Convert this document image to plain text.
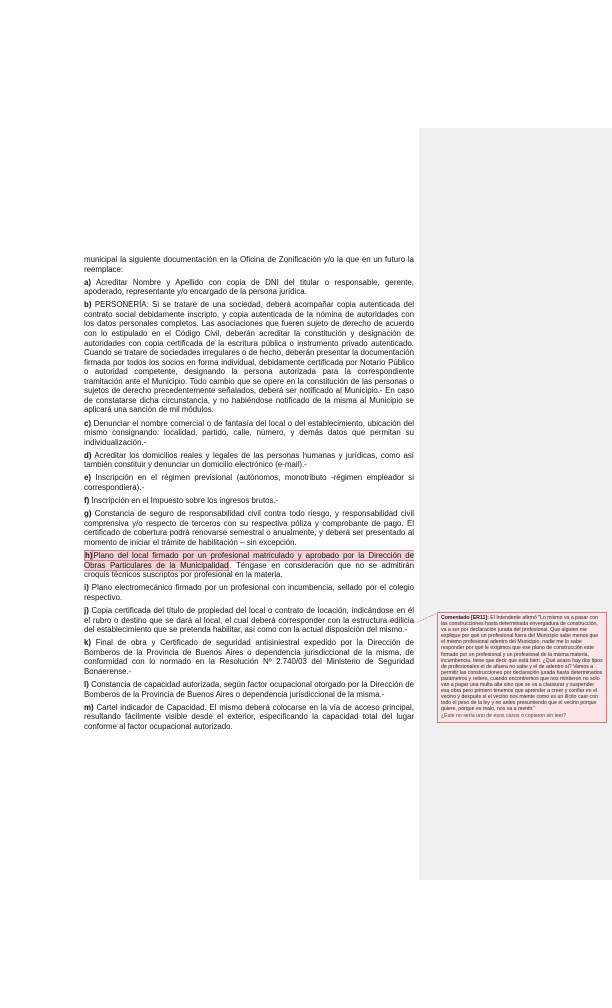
municipal la siguiente documentación en la Oficina de Zonificación y/o la que en un futuro la reemplace:

a) Acreditar Nombre y Apellido con copia de DNI del titular o responsable, gerente, apoderado, representante y/o encargado de la persona jurídica.

b) PERSONERÍA: Si se tratare de una sociedad, deberá acompañar copia autenticada del contrato social debidamente inscripto, y copia autenticada de la nómina de autoridades con los datos personales completos. Las asociaciones que fueren sujeto de derecho de acuerdo con lo estipulado en el Código Civil, deberán acreditar la constitución y designación de autoridades con copia certificada de la escritura pública o instrumento privado autenticado. Cuando se tratare de sociedades irregulares o de hecho, deberán presentar la documentación firmada por todos los socios en forma individual, debidamente certificada por Notario Público o autoridad competente, designando la persona autorizada para la correspondiente tramitación ante el Municipio. Todo cambio que se opere en la constitución de las personas o sujetos de derecho precedentemente señalados, deberá ser notificado al Municipio.- En caso de constatarse dicha circunstancia, y no habiéndose notificado de la misma al Municipio se aplicará una sanción de mil módulos.

c) Denunciar el nombre comercial o de fantasía del local o del establecimiento, ubicación del mismo consignando: localidad, partido, calle, número, y demás datos que permitan su individualización.-

d) Acreditar los domicilios reales y legales de las personas humanas y jurídicas, como así también constituir y denunciar un domicilio electrónico (e-mail).-

e) Inscripción en el régimen previsional (autónomos, monotributo -régimen empleador si correspondiera).-

f) Inscripción en el Impuesto sobre los ingresos brutos.-

g) Constancia de seguro de responsabilidad civil contra todo riesgo, y responsabilidad civil comprensiva y/o respecto de terceros con su respectiva póliza y comprobante de pago. El certificado de cobertura podrá renovarse semestral o anualmente, y deberá ser presentado al momento de iniciar el trámite de habilitación – sin excepción.

h)Plano del local firmado por un profesional matriculado y aprobado por la Dirección de Obras Particulares de la Municipalidad. Téngase en consideración que no se admitirán croquis técnicos suscriptos por profesional en la materia.

i) Plano electromecánico firmado por un profesional con incumbencia, sellado por el colegio respectivo.

j) Copia certificada del título de propiedad del local o contrato de locación, indicándose en él el rubro o destino que se dará al local, el cual deberá corresponder con la estructura edilicia del establecimiento que se pretenda habilitar, así como con la actual disposición del mismo.-

k) Final de obra y Certificado de seguridad antisiniestral expedido por la Dirección de Bomberos de la Provincia de Buenos Aires o dependencia jurisdiccional de la misma, de conformidad con lo normado en la Resolución Nº 2.740/03 del Ministerio de Seguridad Bonaerense.-

l) Constancia de capacidad autorizada, según factor ocupacional otorgado por la Dirección de Bomberos de la Provincia de Buenos Aires o dependencia jurisdiccional de la misma.-

m) Cartel indicador de Capacidad. El mismo deberá colocarse en la vía de acceso principal, resultando fácilmente visible desde el exterior, especificando la capacidad total del lugar conforme al factor ocupacional autorizado.

Comentado [ER11]: El Intendente afirmó "Lo mismo va a pasar con las construcciones hasta determinada envergadura de construcción, va a ser por declaración jurada del profesional. Que alguien me explique por qué un profesional fuera del Municipio sabe menos que el mismo profesional adentro del Municipio, nadie me lo sabe responder por qué le exigimos que ese plano de construcción este firmado por un profesional y un profesional de la misma materia, incumbencia. tiene que decir que está bien. ¿Qué acaso hay dos tipos de profesionales el de afuera no sabe y el de adentro si? Vamos a permitir las construcciones por declaración jurada hasta determinados parámetros y reitero, cuando encontremos que nos mintieron no solo van a pagar una multa alta sino que se va a clausurar y suspender esa obra pero primero tenemos que aprender a creer y confiar en el vecino y después si el vecino nos miente como es un ilícito caer con todo el peso de la ley y no antes presumiendo que el vecino porque quiere, porque es malo, nos va a mentir."
¿Este no sería uno de esos casos o copiaron sin leer?
